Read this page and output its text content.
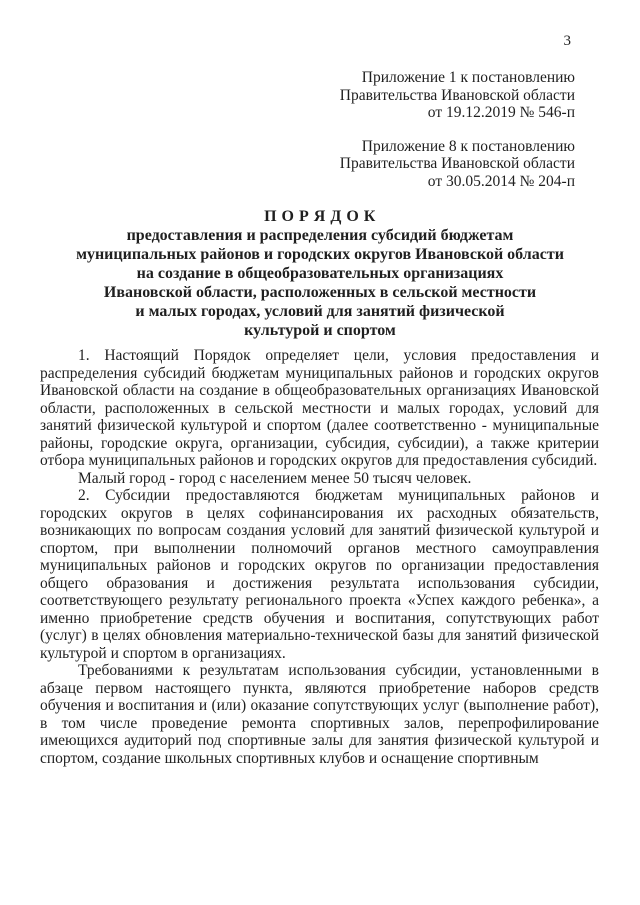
3
Приложение 1 к постановлению
Правительства Ивановской области
от 19.12.2019 № 546-п
Приложение 8 к постановлению
Правительства Ивановской области
от 30.05.2014 № 204-п
П О Р Я Д О К
предоставления и распределения субсидий бюджетам
муниципальных районов и городских округов Ивановской области
на создание в общеобразовательных организациях
Ивановской области, расположенных в сельской местности
и малых городах, условий для занятий физической
культурой и спортом

1. Настоящий Порядок определяет цели, условия предоставления и распределения субсидий бюджетам муниципальных районов и городских округов Ивановской области на создание в общеобразовательных организациях Ивановской области, расположенных в сельской местности и малых городах, условий для занятий физической культурой и спортом (далее соответственно - муниципальные районы, городские округа, организации, субсидия, субсидии), а также критерии отбора муниципальных районов и городских округов для предоставления субсидий.

Малый город - город с населением менее 50 тысяч человек.

2. Субсидии предоставляются бюджетам муниципальных районов и городских округов в целях софинансирования их расходных обязательств, возникающих по вопросам создания условий для занятий физической культурой и спортом, при выполнении полномочий органов местного самоуправления муниципальных районов и городских округов по организации предоставления общего образования и достижения результата использования субсидии, соответствующего результату регионального проекта «Успех каждого ребенка», а именно приобретение средств обучения и воспитания, сопутствующих работ (услуг) в целях обновления материально-технической базы для занятий физической культурой и спортом в организациях.

Требованиями к результатам использования субсидии, установленными в абзаце первом настоящего пункта, являются приобретение наборов средств обучения и воспитания и (или) оказание сопутствующих услуг (выполнение работ), в том числе проведение ремонта спортивных залов, перепрофилирование имеющихся аудиторий под спортивные залы для занятия физической культурой и спортом, создание школьных спортивных клубов и оснащение спортивным
